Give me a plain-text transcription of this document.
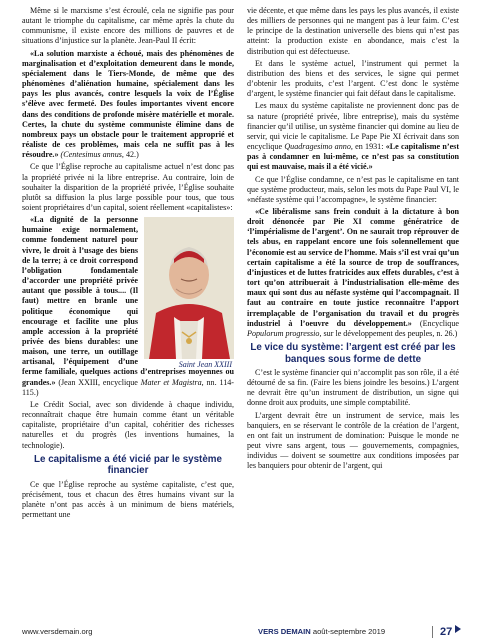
Même si le marxisme s’est écroulé, cela ne signifie pas pour autant le triomphe du capitalisme, car même après la chute du communisme, il existe encore des millions de pauvres et de situations d’injustice sur la planète. Jean-Paul II écrit:

«La solution marxiste a échoué, mais des phénomènes de marginalisation et d’exploitation demeurent dans le monde, spécialement dans le Tiers-Monde, de même que des phénomènes d’aliénation humaine, spécialement dans les pays les plus avancés, contre lesquels la voix de l’Église s’élève avec fermeté. Des foules importantes vivent encore dans des conditions de profonde misère matérielle et morale. Certes, la chute du système communiste élimine dans de nombreux pays un obstacle pour le traitement approprié et réaliste de ces problèmes, mais cela ne suffit pas à les résoudre.» (Centesimus annus, 42.)

Ce que l’Église reproche au capitalisme actuel n’est donc pas la propriété privée ni la libre entreprise. Au contraire, loin de souhaiter la disparition de la propriété privée, l’Église souhaite plutôt sa diffusion la plus large possible pour tous, que tous soient propriétaires d’un capital, soient réellement «capitalistes»:

Saint Jean XXIII

«La dignité de la personne humaine exige normalement, comme fondement naturel pour vivre, le droit à l’usage des biens de la terre; à ce droit correspond l’obligation fondamentale d’accorder une propriété privée autant que possible à tous.... (Il faut) mettre en branle une politique économique qui encourage et facilite une plus ample accession à la propriété privée des biens durables: une maison, une terre, un outillage artisanal, l’équipement d’une ferme familiale, quelques actions d’entreprises moyennes ou grandes.» (Jean XXIII, encyclique Mater et Magistra, nn. 114-115.)

Le Crédit Social, avec son dividende à chaque individu, reconnaîtrait chaque être humain comme étant un véritable capitaliste, propriétaire d’un capital, cohéritier des richesses naturelles et du progrès (les inventions humaines, la technologie).

Le capitalisme a été vicié par le système financier

Ce que l’Église reproche au système capitaliste, c’est que, précisément, tous et chacun des êtres humains vivant sur la planète n’ont pas accès à un minimum de biens matériels, permettant une

vie décente, et que même dans les pays les plus avancés, il existe des milliers de personnes qui ne mangent pas à leur faim. C’est le principe de la destination universelle des biens qui n’est pas atteint: la production existe en abondance, mais c’est la distribution qui est défectueuse.

Et dans le système actuel, l’instrument qui permet la distribution des biens et des services, le signe qui permet d’obtenir les produits, c’est l’argent. C’est donc le système d’argent, le système financier qui fait défaut dans le capitalisme.

Les maux du système capitaliste ne proviennent donc pas de sa nature (propriété privée, libre entreprise), mais du système financier qu’il utilise, un système financier qui domine au lieu de servir, qui vicie le capitalisme. Le Pape Pie XI écrivait dans son encyclique Quadragesimo anno, en 1931: «Le capitalisme n’est pas à condamner en lui-même, ce n’est pas sa constitution qui est mauvaise, mais il a été vicié.»

Ce que l’Église condamne, ce n’est pas le capitalisme en tant que système producteur, mais, selon les mots du Pape Paul VI, le «néfaste système qui l’accompagne», le système financier:

«Ce libéralisme sans frein conduit à la dictature à bon droit dénoncée par Pie XI comme génératrice de ‘l’impérialisme de l’argent’. On ne saurait trop réprouver de tels abus, en rappelant encore une fois solennellement que l’économie est au service de l’homme. Mais s’il est vrai qu’un certain capitalisme a été la source de trop de souffrances, d’injustices et de luttes fratricides aux effets durables, c’est à tort qu’on attribuerait à l’industrialisation elle-même des maux qui sont dus au néfaste système qui l’accompagnait. Il faut au contraire en toute justice reconnaître l’apport irremplaçable de l’organisation du travail et du progrès industriel à l’oeuvre du développement.» (Encyclique Populorum progressio, sur le développement des peuples, n. 26.)

Le vice du système: l’argent est créé par les banques sous forme de dette

C’est le système financier qui n’accomplit pas son rôle, il a été détourné de sa fin. (Faire les biens joindre les besoins.) L’argent ne devrait être qu’un instrument de distribution, un signe qui donne droit aux produits, une simple comptabilité.

L’argent devrait être un instrument de service, mais les banquiers, en se réservant le contrôle de la création de l’argent, en ont fait un instrument de domination: Puisque le monde ne peut vivre sans argent, tous — gouvernements, compagnies, individus — doivent se soumettre aux conditions imposées par les banquiers pour obtenir de l’argent, qui

www.versdemain.org	VERS DEMAIN août-septembre 2019	27
